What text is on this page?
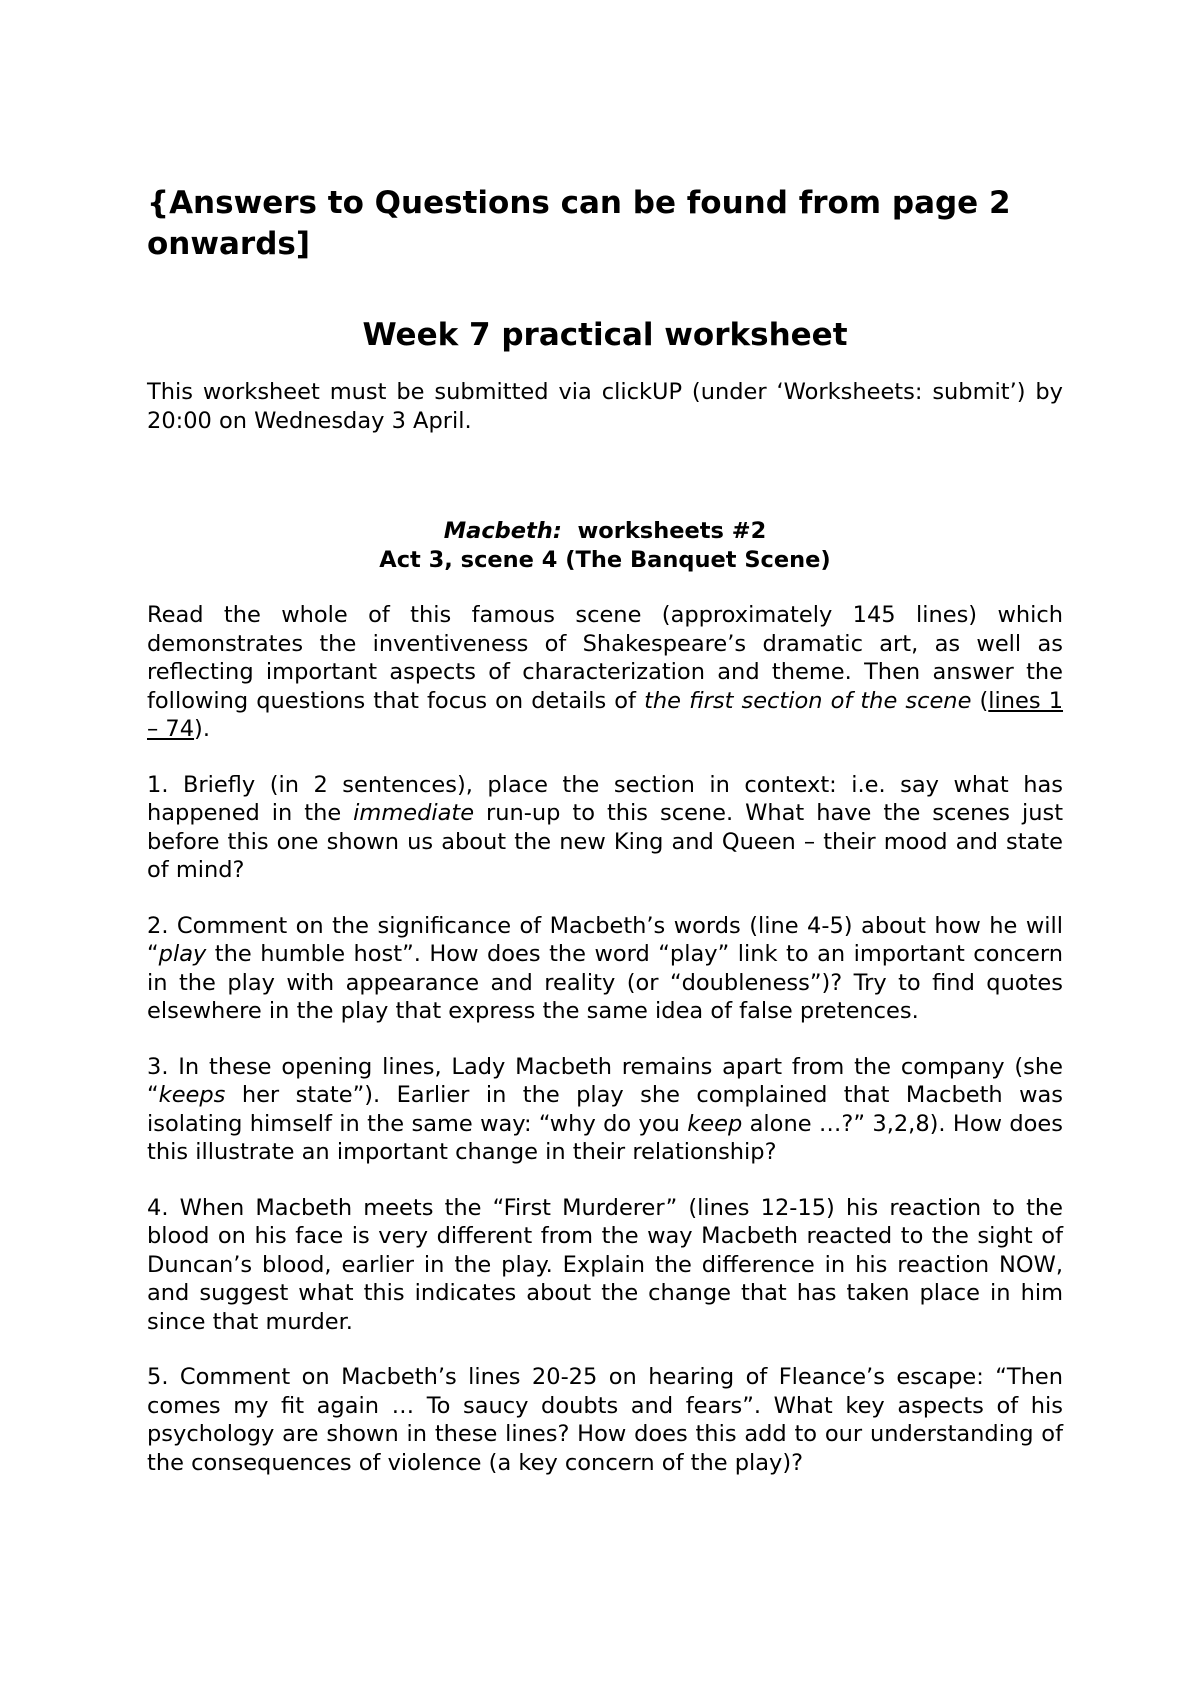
{Answers to Questions can be found from page 2 onwards]

Week 7 practical worksheet

This worksheet must be submitted via clickUP (under ‘Worksheets: submit’) by 20:00 on Wednesday 3 April.

Macbeth: worksheets #2

Act 3, scene 4 (The Banquet Scene)

Read the whole of this famous scene (approximately 145 lines) which demonstrates the inventiveness of Shakespeare’s dramatic art, as well as reflecting important aspects of characterization and theme. Then answer the following questions that focus on details of the first section of the scene (lines 1 – 74).

1. Briefly (in 2 sentences), place the section in context: i.e. say what has happened in the immediate run-up to this scene. What have the scenes just before this one shown us about the new King and Queen – their mood and state of mind?

2. Comment on the significance of Macbeth’s words (line 4-5) about how he will “play the humble host”. How does the word “play” link to an important concern in the play with appearance and reality (or “doubleness”)? Try to find quotes elsewhere in the play that express the same idea of false pretences.

3. In these opening lines, Lady Macbeth remains apart from the company (she “keeps her state”). Earlier in the play she complained that Macbeth was isolating himself in the same way: “why do you keep alone …?” 3,2,8). How does this illustrate an important change in their relationship?

4. When Macbeth meets the “First Murderer” (lines 12-15) his reaction to the blood on his face is very different from the way Macbeth reacted to the sight of Duncan’s blood, earlier in the play. Explain the difference in his reaction NOW, and suggest what this indicates about the change that has taken place in him since that murder.

5. Comment on Macbeth’s lines 20-25 on hearing of Fleance’s escape: “Then comes my fit again … To saucy doubts and fears”. What key aspects of his psychology are shown in these lines? How does this add to our understanding of the consequences of violence (a key concern of the play)?
